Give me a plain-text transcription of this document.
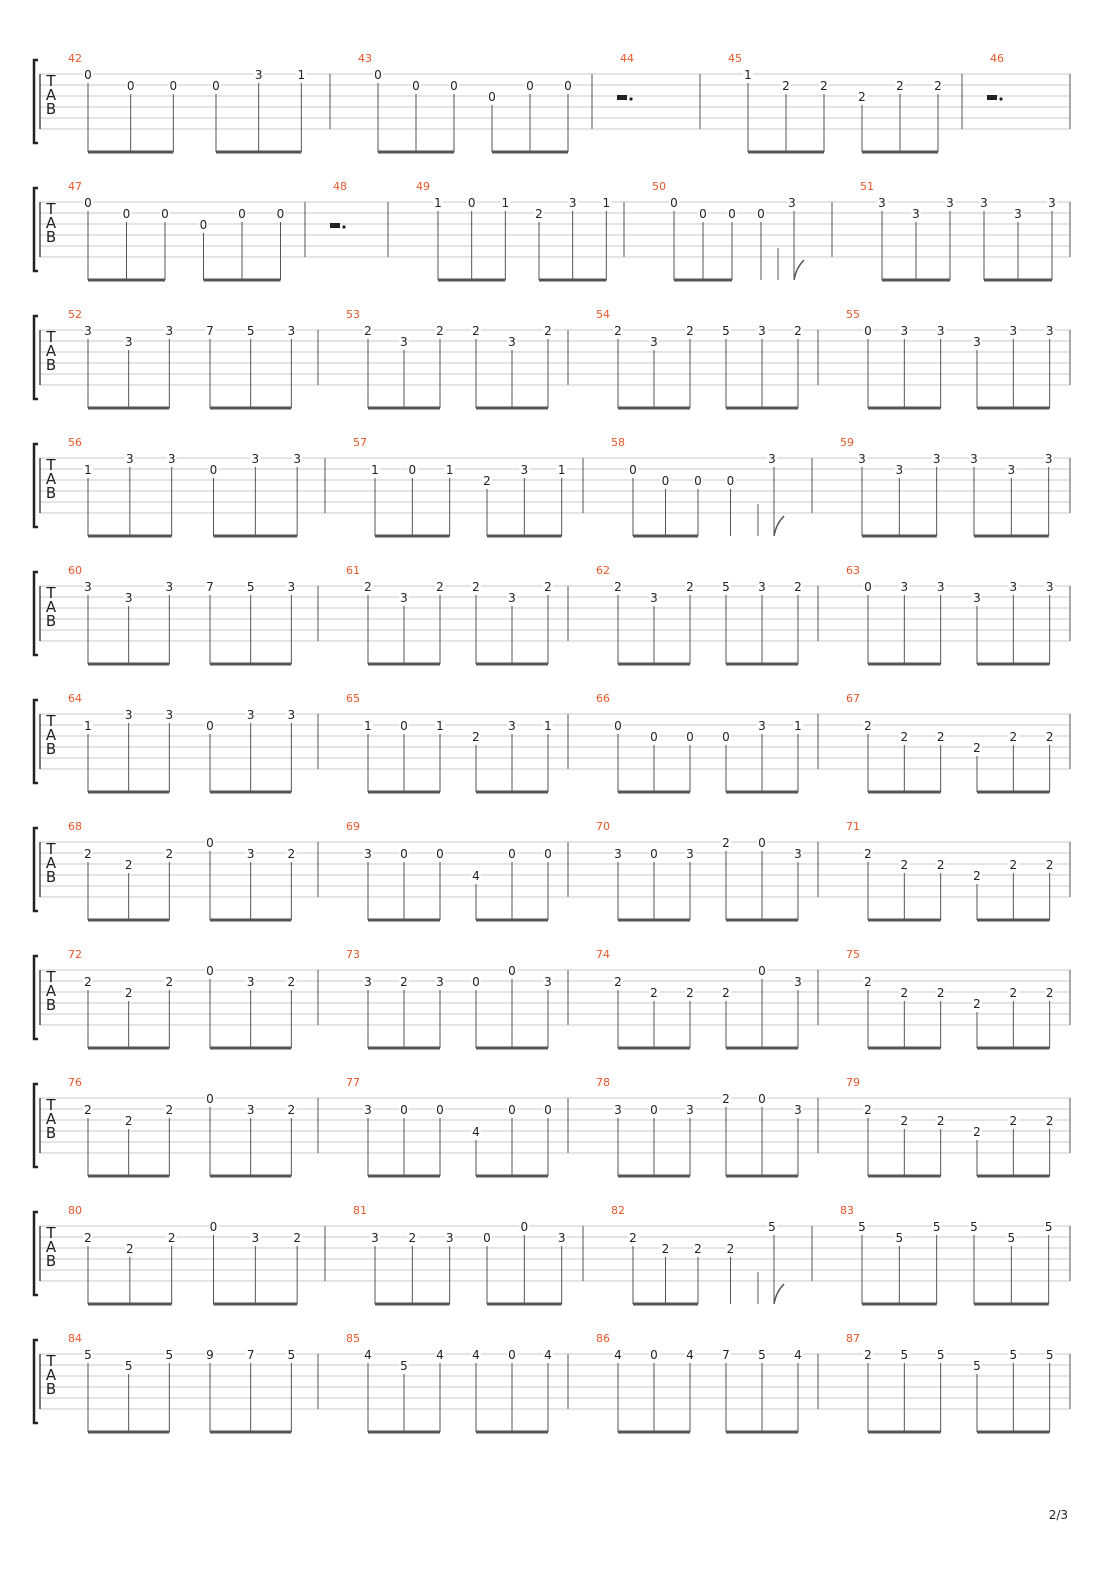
T
A
B
42
0
0	0	0
3	1
43
0
0	0
0
0	0
44	45
1
2	2
2
2	2
46
T
A
B
47
0
0	0
0
0	0
48	49
1 0 1
2
3 1
50
0
0 0 0
3
51
3
3
3 3
3
3
T
A
B
52
3
3
3	7	5	3
53
2
3
2 2
3
2
54
2
3
2 5 3 2
55
0 3 3
3
3 3
T
A
B
56
1
3	3
0
3	3
57
1 0 1
2
3 1
58
0
0 0 0
3
59
3
3
3 3
3
3
T
A
B
60
3
3
3	7	5	3
61
2
3
2 2
3
2
62
2
3
2 5 3 2
63
0 3 3
3
3 3
T
A
B
64
1
3	3
0
3	3
65
1 0 1
2
3 1
66
0
0 0 0
3 1
67
2
2 2
2
2 2
T
A
B
68
2
2
2
0
3	2
69
3 0 0
4
0 0
70
3 0 3
2 0
3
71
2
2 2
2
2 2
T
A
B
72
2
2
2
0
3	2
73
3 2 3 0
0
3
74
2
2 2 2
0
3
75
2
2 2
2
2 2
T
A
B
76
2
2
2
0
3	2
77
3 0 0
4
0 0
78
3 0 3
2 0
3
79
2
2 2
2
2 2
T
A
B
80
2
2
2
0
3	2
81
3 2 3 0
0
3
82
2
2 2 2
5
83
5
5
5 5
5
5
T
A
B
84
5
5
5	9	7	5
85
4
5
4 4 0 4
86
4 0 4 7 5 4
87
2 5 5
5
5 5
2/3
